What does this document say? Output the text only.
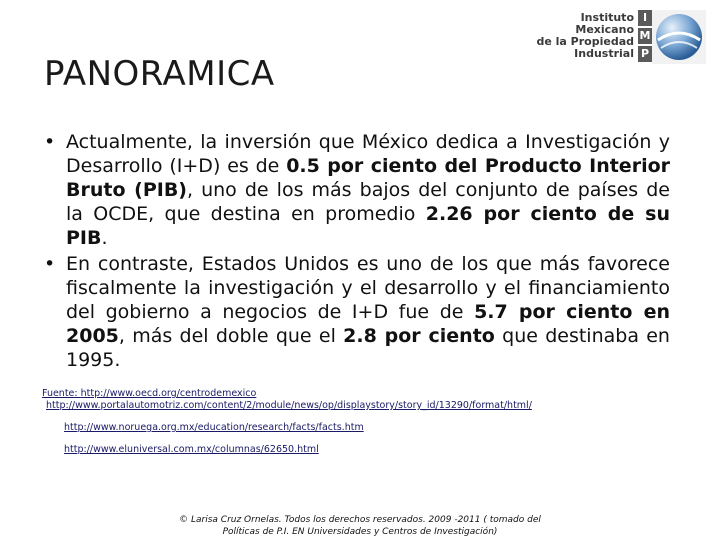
Instituto
Mexicano
de la Propiedad
Industrial
I
M
P
PANORAMICA
• Actualmente, la inversión que México dedica a Investigación y Desarrollo (I+D) es de 0.5 por ciento del Producto Interior Bruto (PIB), uno de los más bajos del conjunto de países de la OCDE, que destina en promedio 2.26 por ciento de su PIB.
• En contraste, Estados Unidos es uno de los que más favorece fiscalmente la investigación y el desarrollo y el financiamiento del gobierno a negocios de I+D fue de 5.7 por ciento en 2005, más del doble que el 2.8 por ciento que destinaba en 1995.
Fuente: http://www.oecd.org/centrodemexico
http://www.portalautomotriz.com/content/2/module/news/op/displaystory/story_id/13290/format/html/
http://www.noruega.org.mx/education/research/facts/facts.htm
http://www.eluniversal.com.mx/columnas/62650.html
© Larisa Cruz Ornelas. Todos los derechos reservados. 2009 -2011 ( tomado del
Políticas de P.I. EN Universidades y Centros de Investigación)
